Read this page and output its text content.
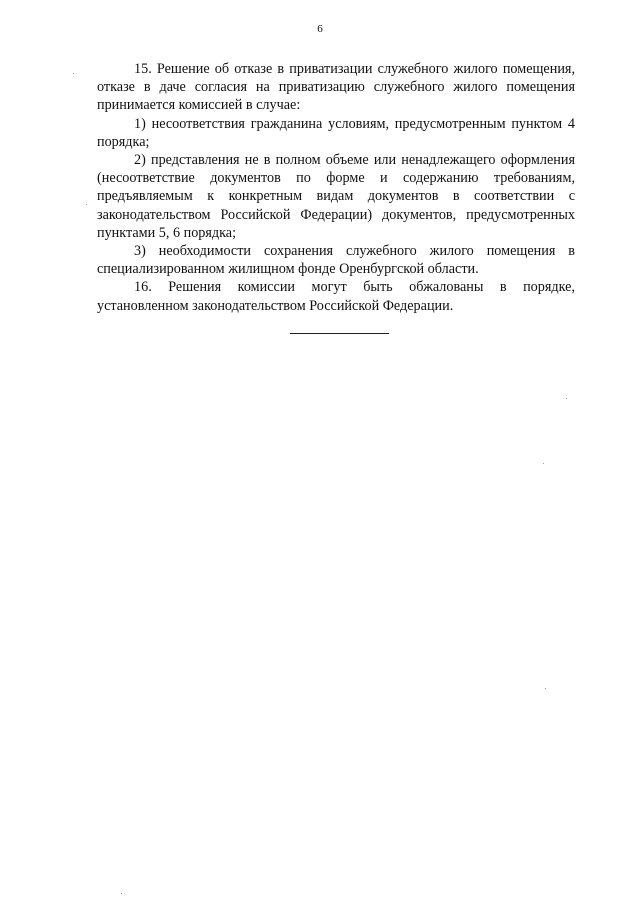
6

15. Решение об отказе в приватизации служебного жилого помещения, отказе в даче согласия на приватизацию служебного жилого помещения принимается комиссией в случае:

1) несоответствия гражданина условиям, предусмотренным пунктом 4 порядка;

2) представления не в полном объеме или ненадлежащего оформления (несоответствие документов по форме и содержанию требованиям, предъявляемым к конкретным видам документов в соответствии с законодательством Российской Федерации) документов, предусмотренных пунктами 5, 6 порядка;

3) необходимости сохранения служебного жилого помещения в специализированном жилищном фонде Оренбургской области.

16. Решения комиссии могут быть обжалованы в порядке, установленном законодательством Российской Федерации.
